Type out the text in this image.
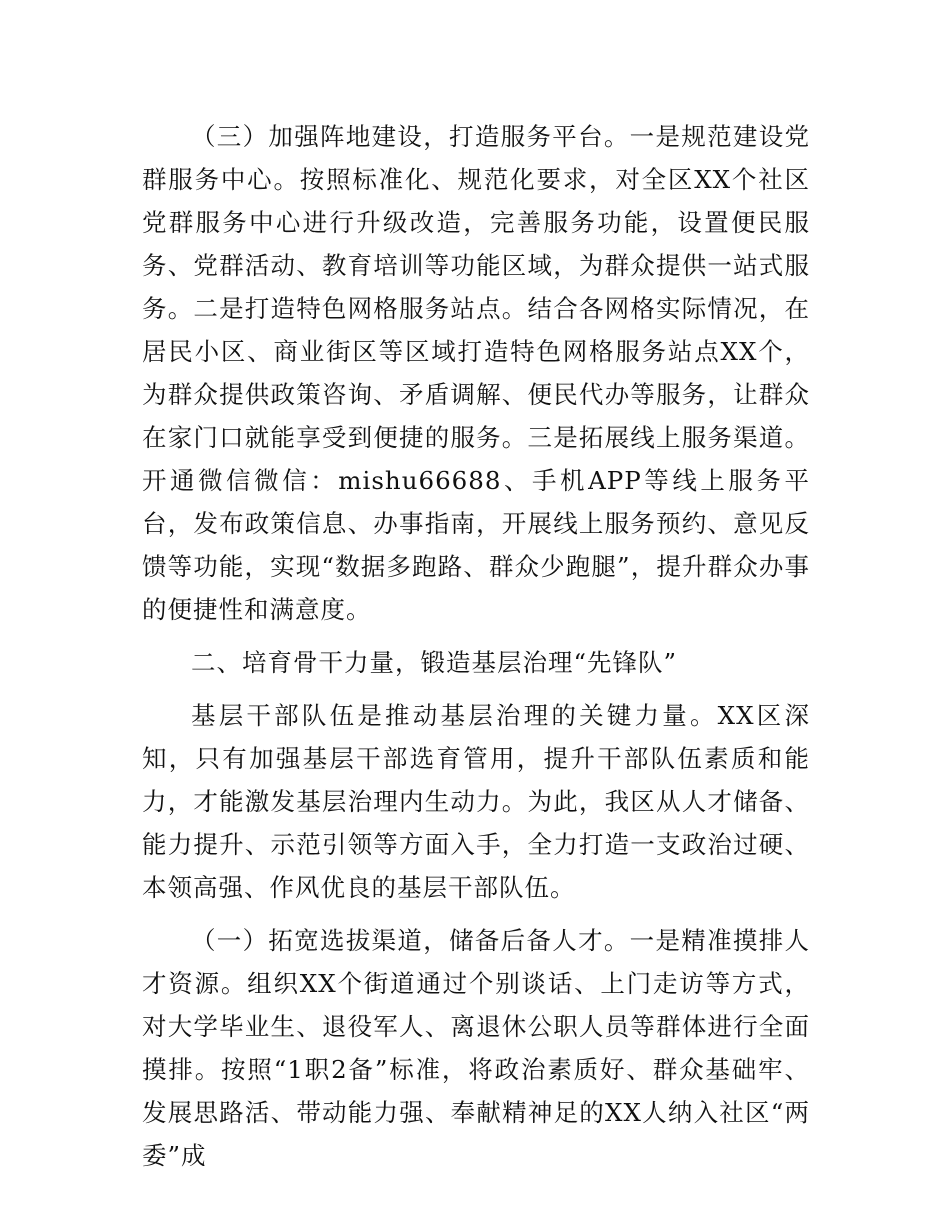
（三）加强阵地建设，打造服务平台。一是规范建设党群服务中心。按照标准化、规范化要求，对全区XX个社区党群服务中心进行升级改造，完善服务功能，设置便民服务、党群活动、教育培训等功能区域，为群众提供一站式服务。二是打造特色网格服务站点。结合各网格实际情况，在居民小区、商业街区等区域打造特色网格服务站点XX个，为群众提供政策咨询、矛盾调解、便民代办等服务，让群众在家门口就能享受到便捷的服务。三是拓展线上服务渠道。开通微信微信：mishu66688、手机APP等线上服务平台，发布政策信息、办事指南，开展线上服务预约、意见反馈等功能，实现“数据多跑路、群众少跑腿”，提升群众办事的便捷性和满意度。

二、培育骨干力量，锻造基层治理“先锋队”

基层干部队伍是推动基层治理的关键力量。XX区深知，只有加强基层干部选育管用，提升干部队伍素质和能力，才能激发基层治理内生动力。为此，我区从人才储备、能力提升、示范引领等方面入手，全力打造一支政治过硬、本领高强、作风优良的基层干部队伍。

（一）拓宽选拔渠道，储备后备人才。一是精准摸排人才资源。组织XX个街道通过个别谈话、上门走访等方式，对大学毕业生、退役军人、离退休公职人员等群体进行全面摸排。按照“1职2备”标准，将政治素质好、群众基础牢、发展思路活、带动能力强、奉献精神足的XX人纳入社区“两委”成
